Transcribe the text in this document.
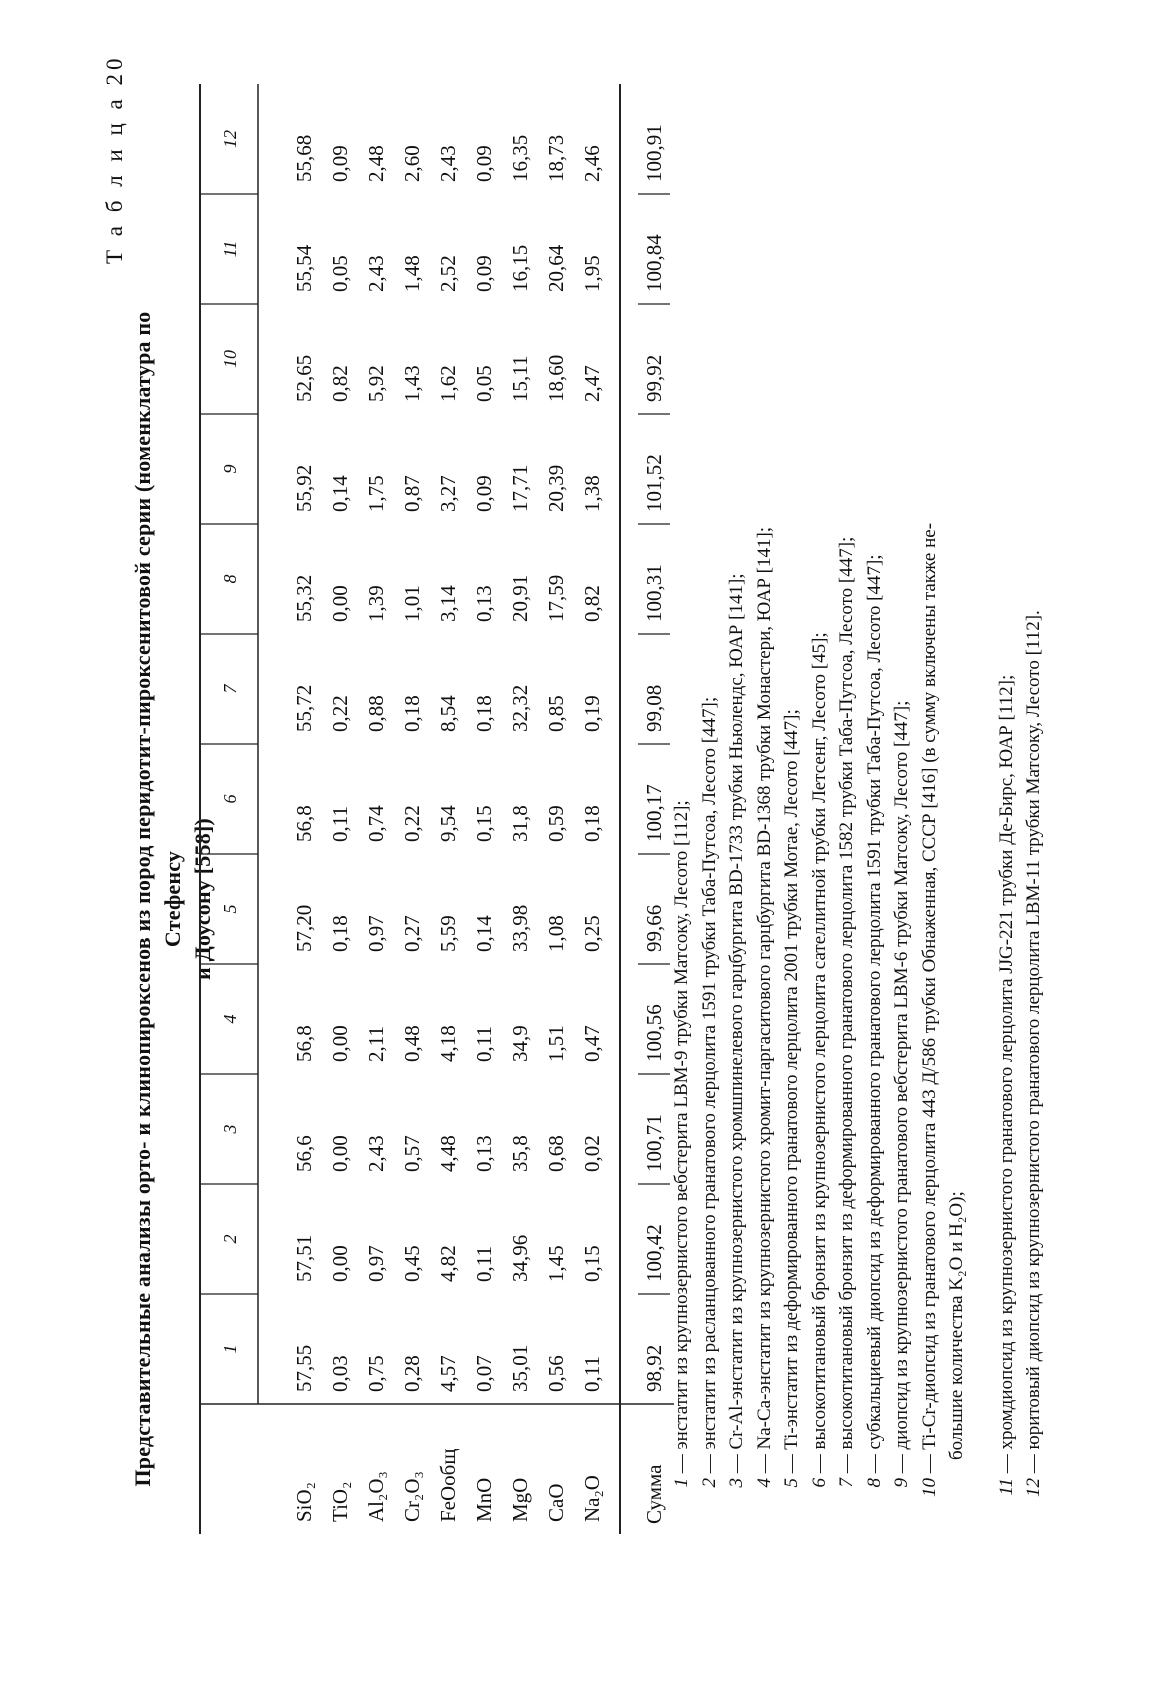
Т а б л и ц а 20
Представительные анализы орто- и клинопироксенов из пород перидотит-пироксенитовой серии (номенклатура по Стефенсу и Доусону [558])
1
2
3
4
5
6
7
8
9
10
11
12
SiO₂
57,55
57,51
56,6
56,8
57,20
56,8
55,72
55,32
55,92
52,65
55,54
55,68
TiO₂
0,03
0,00
0,00
0,00
0,18
0,11
0,22
0,00
0,14
0,82
0,05
0,09
Al₂O₃
0,75
0,97
2,43
2,11
0,97
0,74
0,88
1,39
1,75
5,92
2,43
2,48
Cr₂O₃
0,28
0,45
0,57
0,48
0,27
0,22
0,18
1,01
0,87
1,43
1,48
2,60
FeOобщ
4,57
4,82
4,48
4,18
5,59
9,54
8,54
3,14
3,27
1,62
2,52
2,43
MnO
0,07
0,11
0,13
0,11
0,14
0,15
0,18
0,13
0,09
0,05
0,09
0,09
MgO
35,01
34,96
35,8
34,9
33,98
31,8
32,32
20,91
17,71
15,11
16,15
16,35
CaO
0,56
1,45
0,68
1,51
1,08
0,59
0,85
17,59
20,39
18,60
20,64
18,73
Na₂O
0,11
0,15
0,02
0,47
0,25
0,18
0,19
0,82
1,38
2,47
1,95
2,46
Сумма
98,92
100,42
100,71
100,56
99,66
100,17
99,08
100,31
101,52
99,92
100,84
100,91
1 — энстатит из крупнозернистого вебстерита LBM-9 трубки Матсоку, Лесото [112];
2 — энстатит из расланцованного гранатового лерцолита 1591 трубки Таба-Путсоа, Лесото [447];
3 — Cr-Al-энстатит из крупнозернистого хромшпинелевого гарцбургита BD-1733 трубки Ньюлендс, ЮАР [141];
4 — Na-Ca-энстатит из крупнозернистого хромит-паргаситового гарцбургита BD-1368 трубки Монастери, ЮАР [141];
5 — Ti-энстатит из деформированного гранатового лерцолита 2001 трубки Мотае, Лесото [447];
6 — высокотитановый бронзит из крупнозернистого лерцолита сателлитной трубки Летсенг, Лесото [45];
7 — высокотитановый бронзит из деформированного гранатового лерцолита 1582 трубки Таба-Путсоа, Лесото [447];
8 — субкальциевый диопсид из деформированного гранатового лерцолита 1591 трубки Таба-Путсоа, Лесото [447];
9 — диопсид из крупнозернистого гранатового вебстерита LBM-6 трубки Матсоку, Лесото [447];
10 — Ti-Cr-диопсид из гранатового лерцолита 443 Д/586 трубки Обнаженная, СССР [416] (в сумму включены также не- большие количества K₂O и H₂O);
11 — хромдиопсид из крупнозернистого гранатового лерцолита JJG-221 трубки Де-Бирс, ЮАР [112];
12 — юритовый диопсид из крупнозернистого гранатового лерцолита LBM-11 трубки Матсоку, Лесото [112].
